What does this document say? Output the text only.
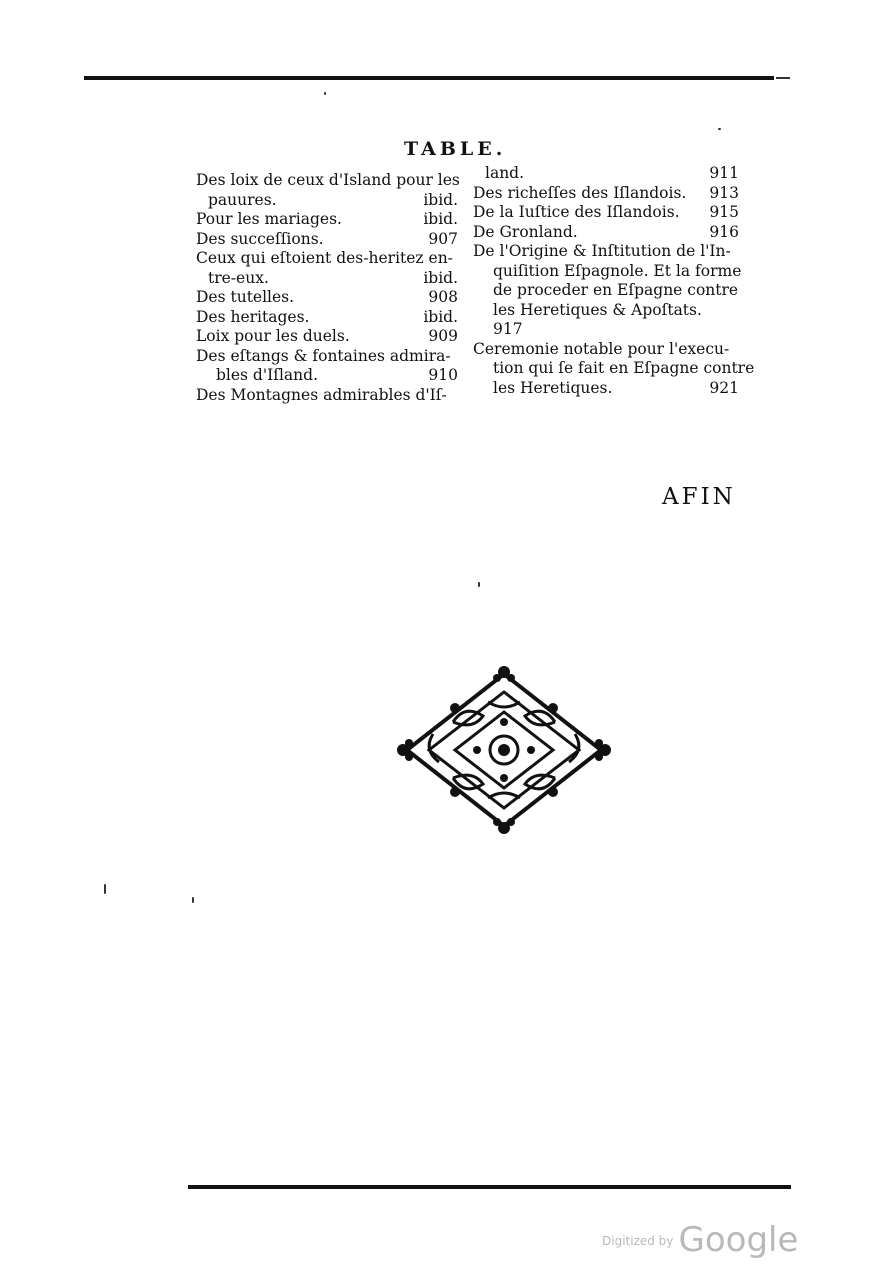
TABLE.
Des loix de ceux d'Island pour les
pauures.	ibid.
Pour les mariages.	ibid.
Des succeſſions.	907
Ceux qui eſtoient des-heritez en-
tre-eux.	ibid.
Des tutelles.	908
Des heritages.	ibid.
Loix pour les duels.	909
Des eſtangs & fontaines admira-
bles d'Iſland.	910
Des Montagnes admirables d'Iſ-
land.	911
Des richeſſes des Iſlandois.	913
De la Iuſtice des Iſlandois.	915
De Gronland.	916
De l'Origine & Inſtitution de l'In-
quiſition Eſpagnole. Et la forme
de proceder en Eſpagne contre
les Heretiques & Apoſtats.
917
Ceremonie notable pour l'execu-
tion qui ſe fait en Eſpagne contre
les Heretiques.	921
AFIN
$^{Digitized by}$ Google
